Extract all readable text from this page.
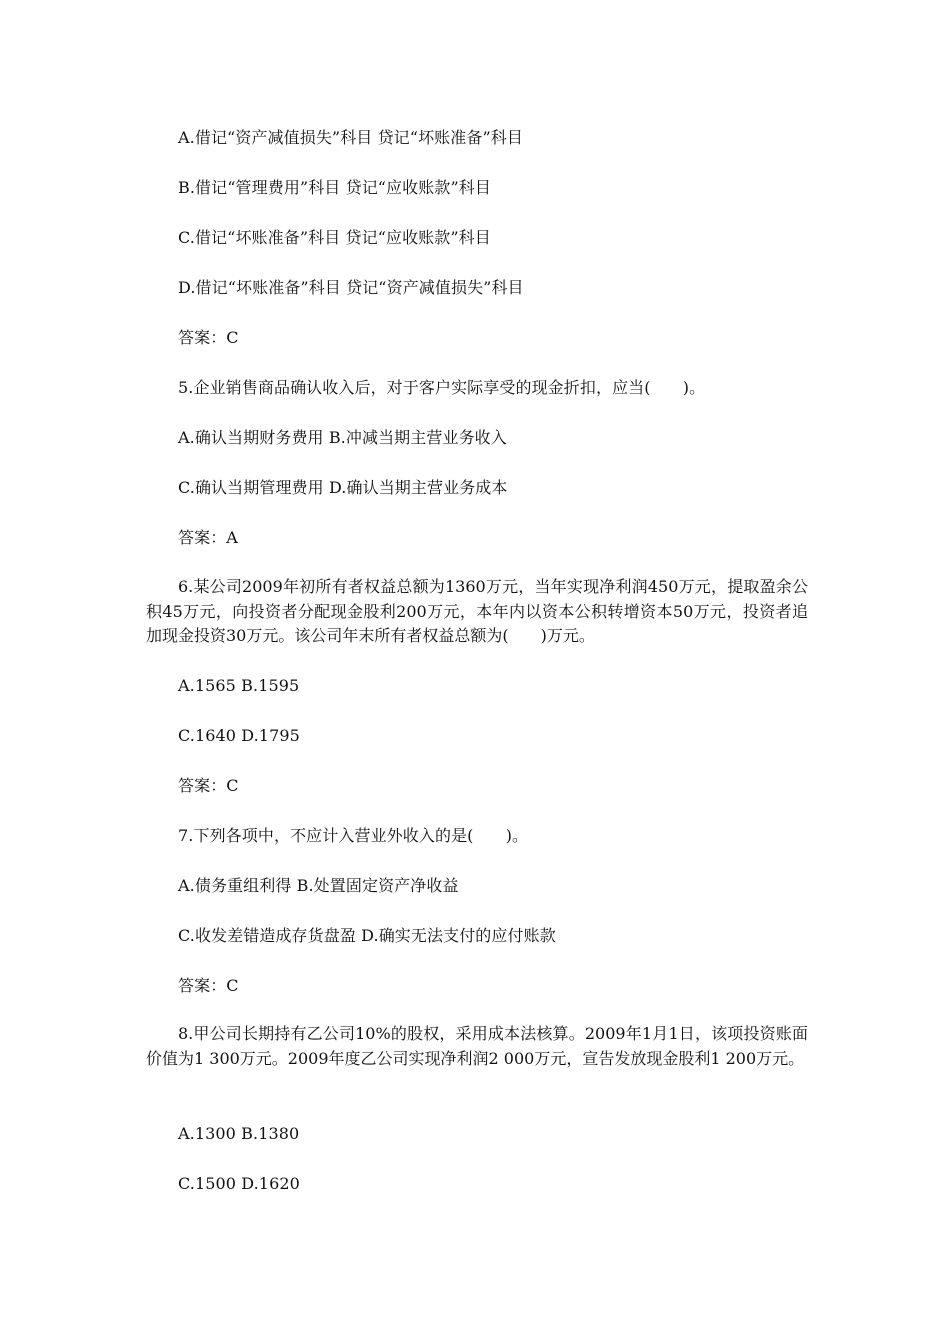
A.借记“资产减值损失”科目 贷记“坏账准备”科目
B.借记“管理费用”科目 贷记“应收账款”科目
C.借记“坏账准备”科目 贷记“应收账款”科目
D.借记“坏账准备”科目 贷记“资产减值损失”科目
答案：C
5.企业销售商品确认收入后，对于客户实际享受的现金折扣，应当(　　)。
A.确认当期财务费用 B.冲减当期主营业务收入
C.确认当期管理费用 D.确认当期主营业务成本
答案：A
6.某公司2009年初所有者权益总额为1360万元，当年实现净利润450万元，提取盈余公积45万元，向投资者分配现金股利200万元，本年内以资本公积转增资本50万元，投资者追加现金投资30万元。该公司年末所有者权益总额为(　　)万元。
A.1565 B.1595
C.1640 D.1795
答案：C
7.下列各项中，不应计入营业外收入的是(　　)。
A.债务重组利得 B.处置固定资产净收益
C.收发差错造成存货盘盈 D.确实无法支付的应付账款
答案：C
8.甲公司长期持有乙公司10%的股权，采用成本法核算。2009年1月1日，该项投资账面价值为1 300万元。2009年度乙公司实现净利润2 000万元，宣告发放现金股利1 200万元。
A.1300 B.1380
C.1500 D.1620
